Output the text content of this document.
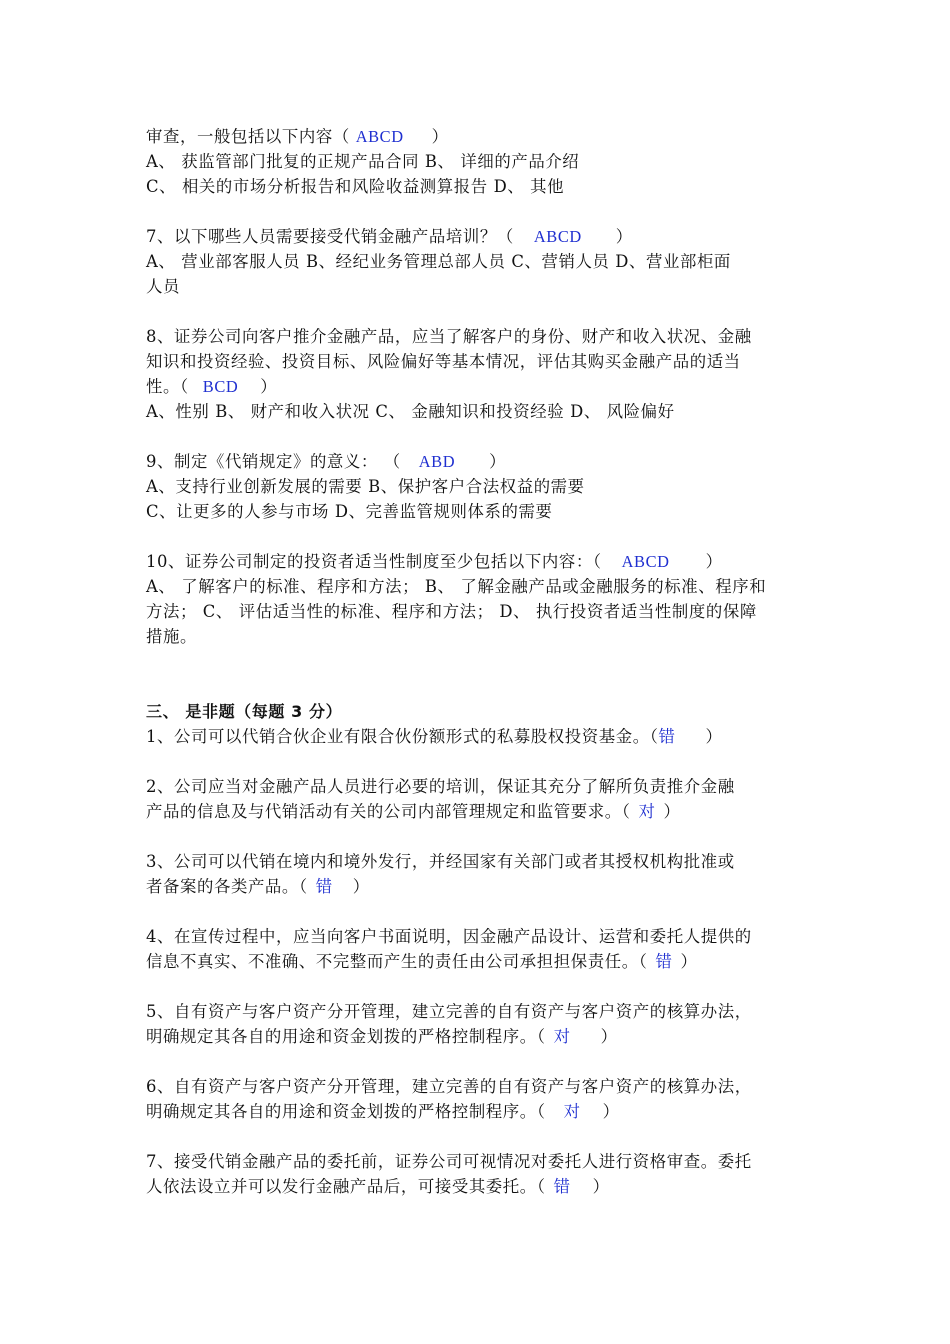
审查，一般包括以下内容（ ABCD ）
A、 获监管部门批复的正规产品合同 B、 详细的产品介绍
C、 相关的市场分析报告和风险收益测算报告 D、 其他
7、以下哪些人员需要接受代销金融产品培训？（ ABCD ）
A、 营业部客服人员 B、经纪业务管理总部人员 C、营销人员 D、营业部柜面
人员
8、证券公司向客户推介金融产品，应当了解客户的身份、财产和收入状况、金融
知识和投资经验、投资目标、风险偏好等基本情况，评估其购买金融产品的适当
性。（ BCD ）
A、性别 B、 财产和收入状况 C、 金融知识和投资经验 D、 风险偏好
9、制定《代销规定》的意义： （ ABD ）
A、支持行业创新发展的需要 B、保护客户合法权益的需要
C、让更多的人参与市场 D、完善监管规则体系的需要
10、证券公司制定的投资者适当性制度至少包括以下内容：（ ABCD ）
A、 了解客户的标准、程序和方法； B、 了解金融产品或金融服务的标准、程序和
方法； C、 评估适当性的标准、程序和方法； D、 执行投资者适当性制度的保障
措施。
三、 是非题（每题 3 分）
1、公司可以代销合伙企业有限合伙份额形式的私募股权投资基金。（错 ）
2、公司应当对金融产品人员进行必要的培训，保证其充分了解所负责推介金融
产品的信息及与代销活动有关的公司内部管理规定和监管要求。（ 对 ）
3、公司可以代销在境内和境外发行，并经国家有关部门或者其授权机构批准或
者备案的各类产品。（ 错 ）
4、在宣传过程中，应当向客户书面说明，因金融产品设计、运营和委托人提供的
信息不真实、不准确、不完整而产生的责任由公司承担担保责任。（ 错 ）
5、自有资产与客户资产分开管理，建立完善的自有资产与客户资产的核算办法，
明确规定其各自的用途和资金划拨的严格控制程序。（ 对 ）
6、自有资产与客户资产分开管理，建立完善的自有资产与客户资产的核算办法，
明确规定其各自的用途和资金划拨的严格控制程序。（ 对 ）
7、接受代销金融产品的委托前，证券公司可视情况对委托人进行资格审查。委托
人依法设立并可以发行金融产品后，可接受其委托。（ 错 ）
